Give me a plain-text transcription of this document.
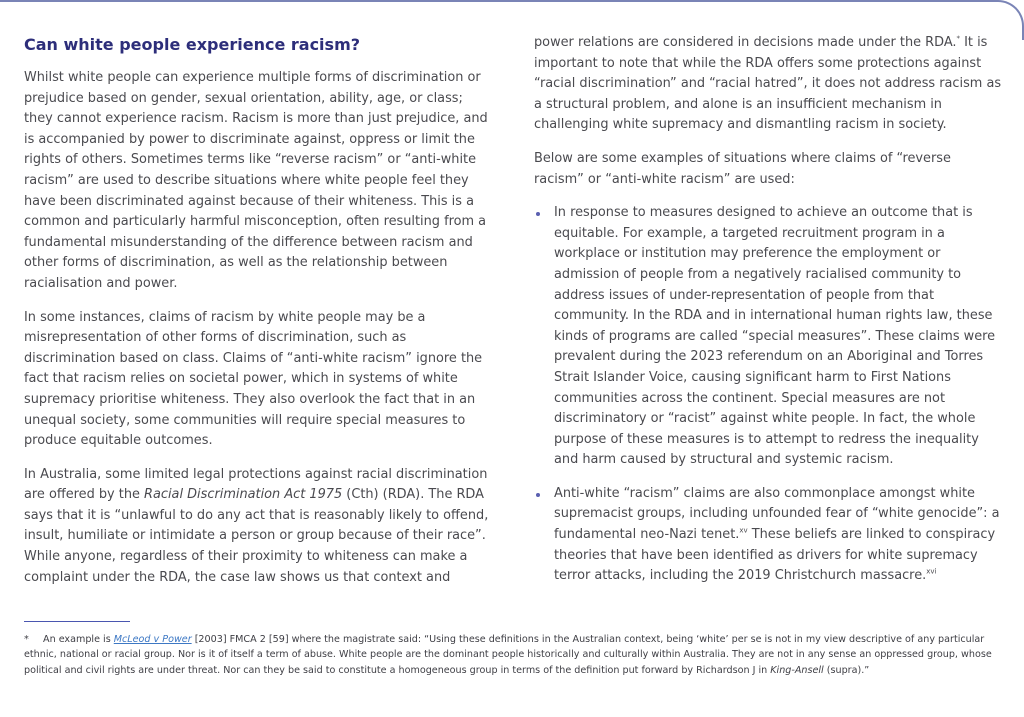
Can white people experience racism?

Whilst white people can experience multiple forms of discrimination or prejudice based on gender, sexual orientation, ability, age, or class; they cannot experience racism. Racism is more than just prejudice, and is accompanied by power to discriminate against, oppress or limit the rights of others. Sometimes terms like “reverse racism” or “anti-white racism” are used to describe situations where white people feel they have been discriminated against because of their whiteness. This is a common and particularly harmful misconception, often resulting from a fundamental misunderstanding of the difference between racism and other forms of discrimination, as well as the relationship between racialisation and power.

In some instances, claims of racism by white people may be a misrepresentation of other forms of discrimination, such as discrimination based on class. Claims of “anti-white racism” ignore the fact that racism relies on societal power, which in systems of white supremacy prioritise whiteness. They also overlook the fact that in an unequal society, some communities will require special measures to produce equitable outcomes.

In Australia, some limited legal protections against racial discrimination are offered by the Racial Discrimination Act 1975 (Cth) (RDA). The RDA says that it is “unlawful to do any act that is reasonably likely to offend, insult, humiliate or intimidate a person or group because of their race”. While anyone, regardless of their proximity to whiteness can make a complaint under the RDA, the case law shows us that context and

power relations are considered in decisions made under the RDA.* It is important to note that while the RDA offers some protections against “racial discrimination” and “racial hatred”, it does not address racism as a structural problem, and alone is an insufficient mechanism in challenging white supremacy and dismantling racism in society.

Below are some examples of situations where claims of “reverse racism” or “anti-white racism” are used:

In response to measures designed to achieve an outcome that is equitable. For example, a targeted recruitment program in a workplace or institution may preference the employment or admission of people from a negatively racialised community to address issues of under-representation of people from that community. In the RDA and in international human rights law, these kinds of programs are called “special measures”. These claims were prevalent during the 2023 referendum on an Aboriginal and Torres Strait Islander Voice, causing significant harm to First Nations communities across the continent. Special measures are not discriminatory or “racist” against white people. In fact, the whole purpose of these measures is to attempt to redress the inequality and harm caused by structural and systemic racism.
Anti-white “racism” claims are also commonplace amongst white supremacist groups, including unfounded fear of “white genocide”: a fundamental neo-Nazi tenet.$^{xv}$ These beliefs are linked to conspiracy theories that have been identified as drivers for white supremacy terror attacks, including the 2019 Christchurch massacre.$^{xvi}$
* An example is McLeod v Power [2003] FMCA 2 [59] where the magistrate said: “Using these definitions in the Australian context, being ‘white’ per se is not in my view descriptive of any particular ethnic, national or racial group. Nor is it of itself a term of abuse. White people are the dominant people historically and culturally within Australia. They are not in any sense an oppressed group, whose political and civil rights are under threat. Nor can they be said to constitute a homogeneous group in terms of the definition put forward by Richardson J in King-Ansell (supra).”
